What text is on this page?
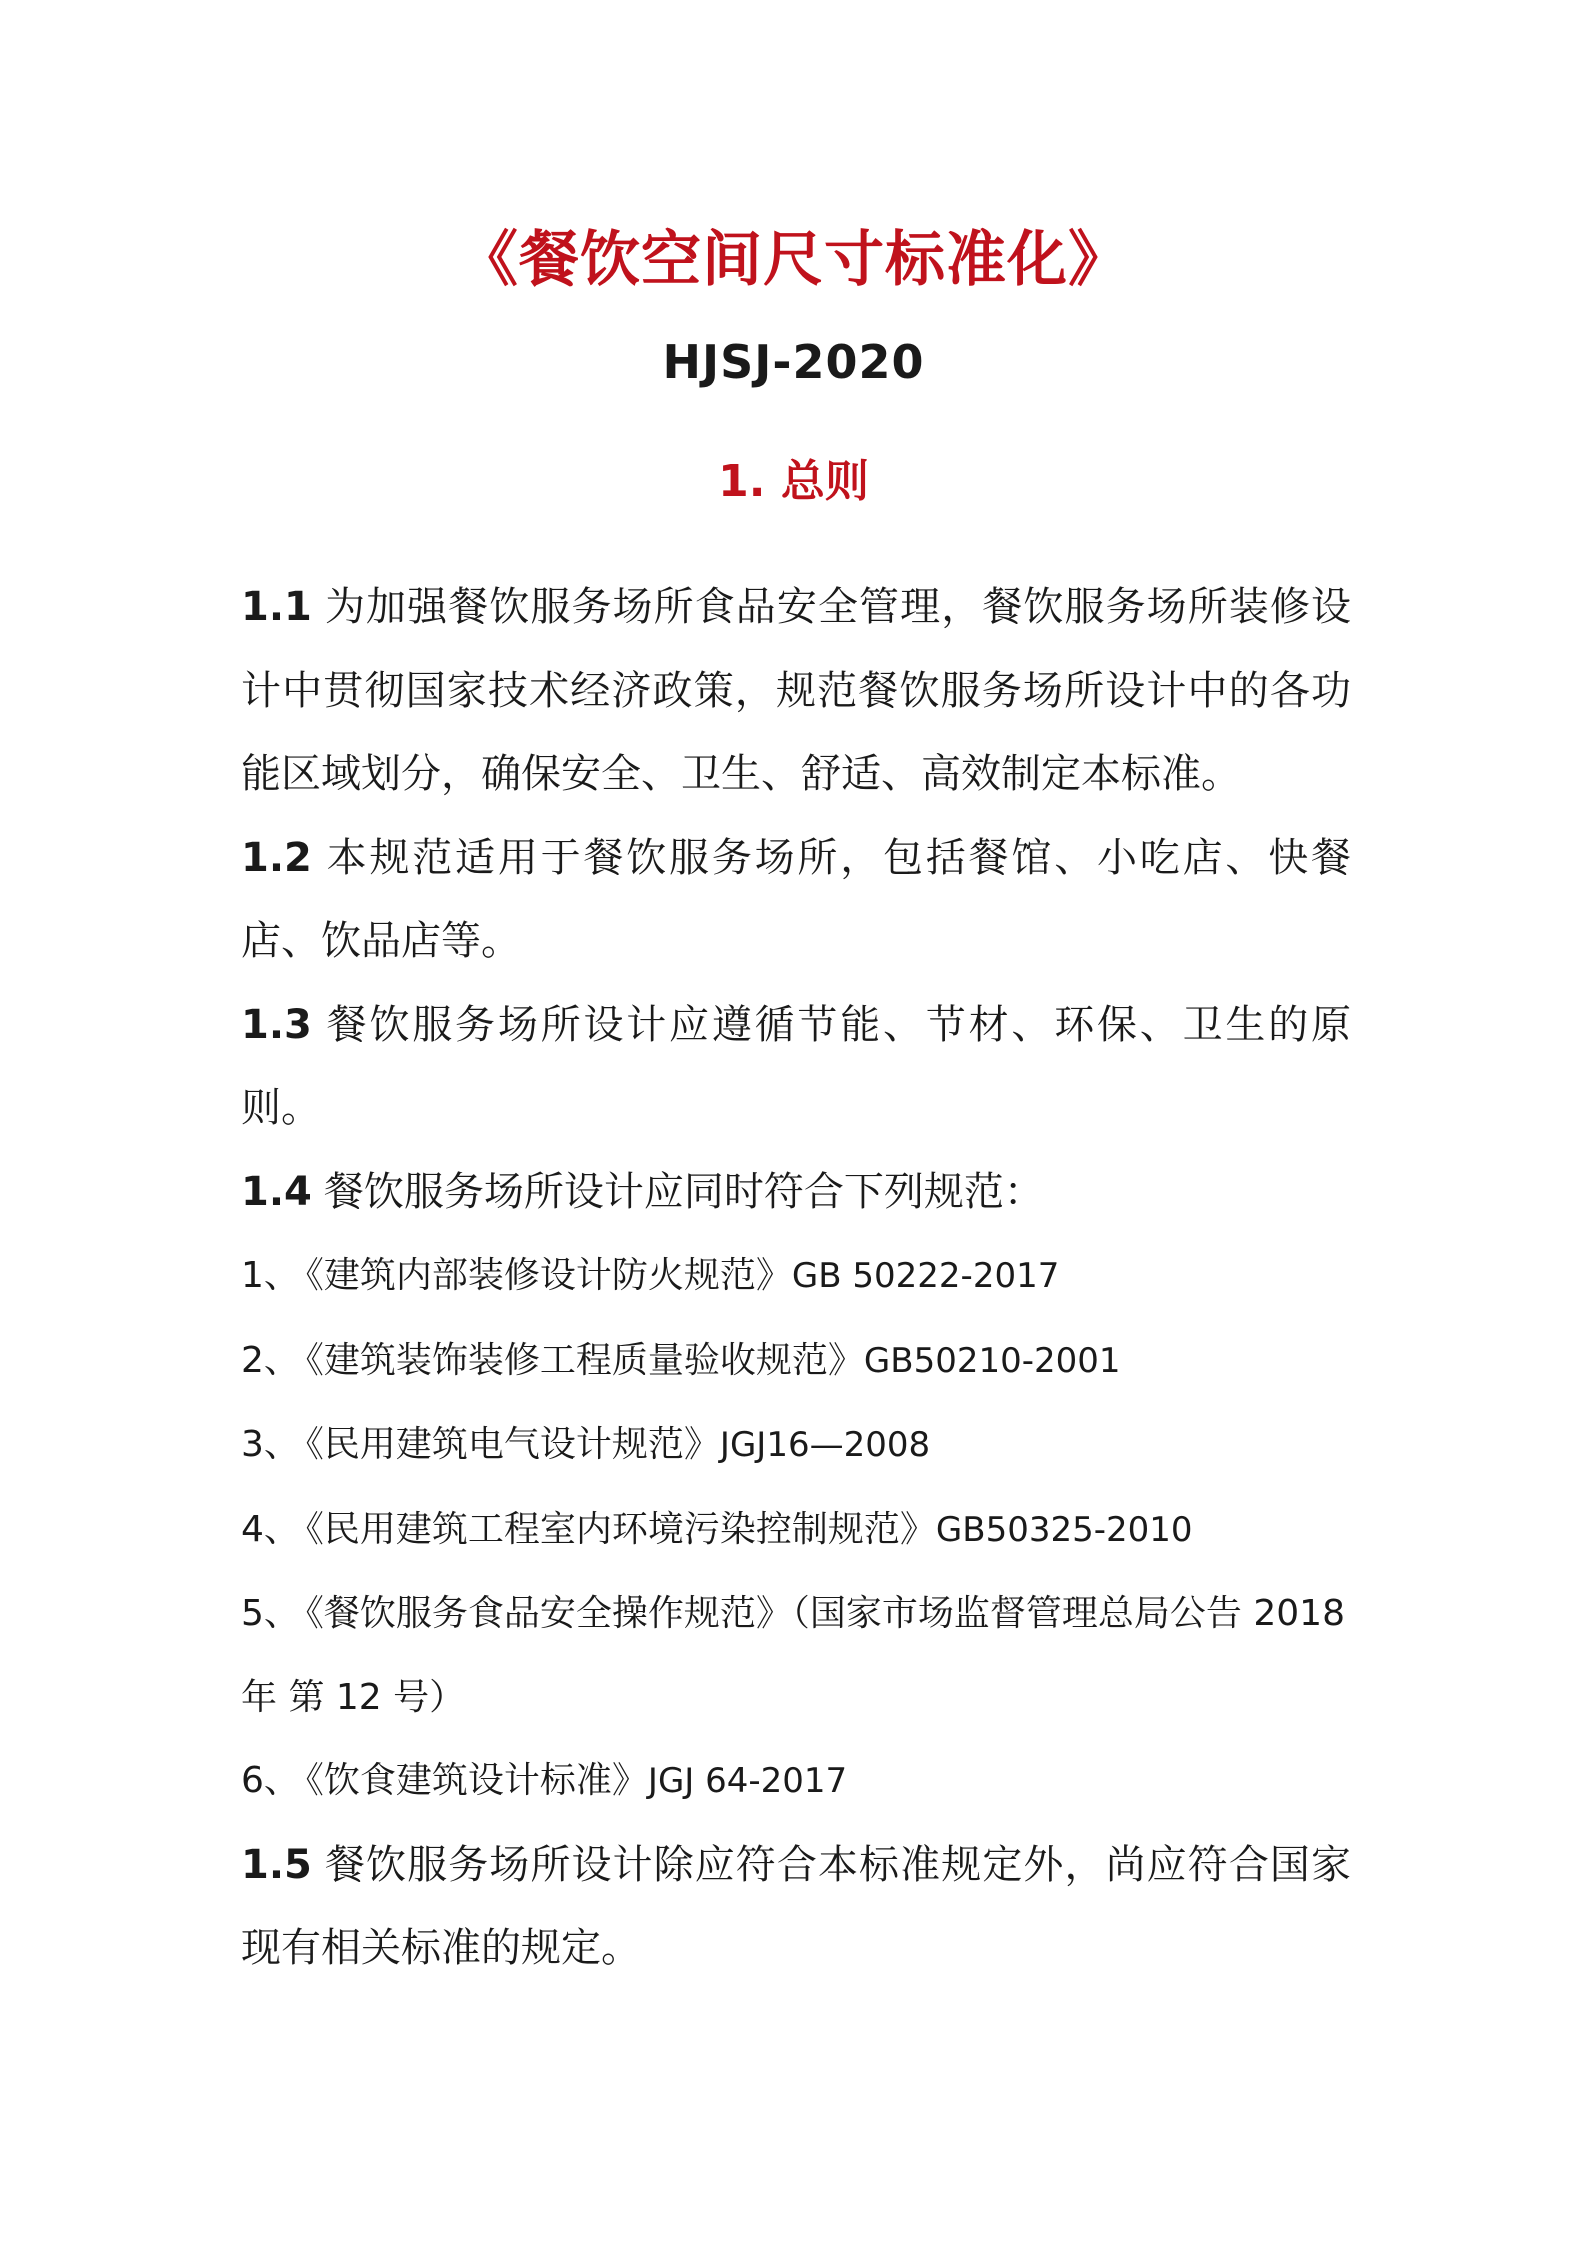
《餐饮空间尺寸标准化》
HJSJ-2020
1. 总则

1.1 为加强餐饮服务场所食品安全管理，餐饮服务场所装修设计中贯彻国家技术经济政策，规范餐饮服务场所设计中的各功能区域划分，确保安全、卫生、舒适、高效制定本标准。

1.2 本规范适用于餐饮服务场所，包括餐馆、小吃店、快餐店、饮品店等。

1.3 餐饮服务场所设计应遵循节能、节材、环保、卫生的原则。

1.4 餐饮服务场所设计应同时符合下列规范：

1、 《建筑内部装修设计防火规范》GB 50222-2017

2、 《建筑装饰装修工程质量验收规范》GB50210-2001

3、 《民用建筑电气设计规范》JGJ16—2008

4、 《民用建筑工程室内环境污染控制规范》GB50325-2010

5、 《餐饮服务食品安全操作规范》（国家市场监督管理总局公告 2018 年 第 12 号）

6、 《饮食建筑设计标准》JGJ 64-2017

1.5 餐饮服务场所设计除应符合本标准规定外，尚应符合国家现有相关标准的规定。
